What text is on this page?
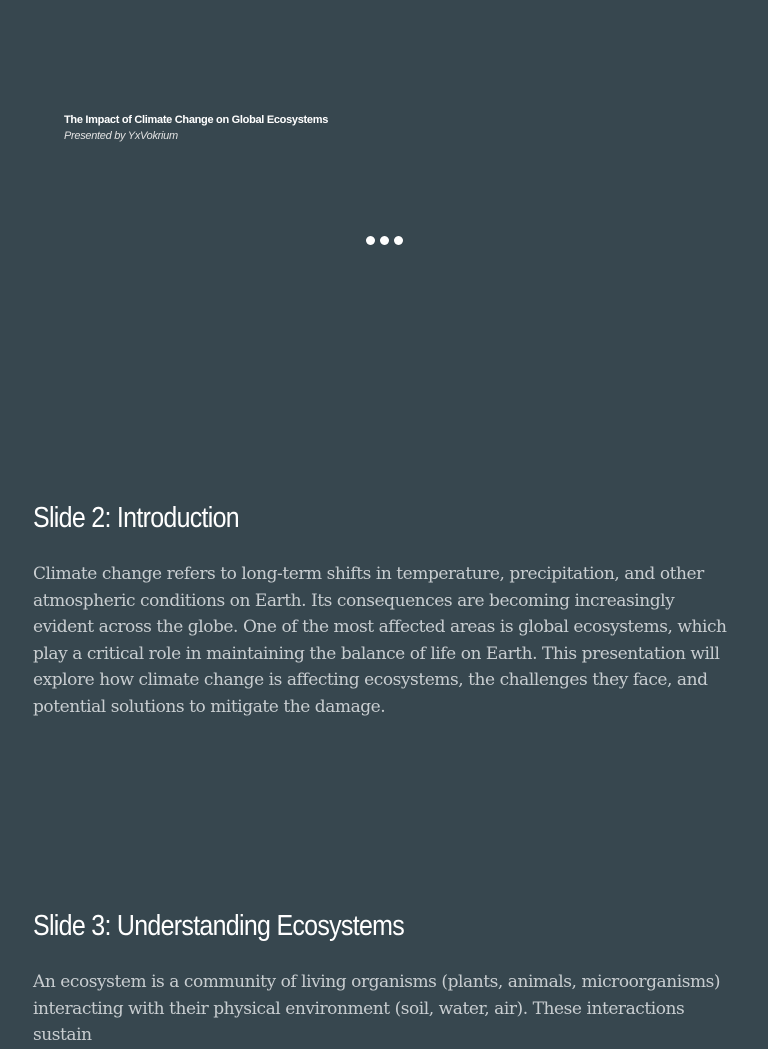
The Impact of Climate Change on Global Ecosystems

Presented by YxVokrium

Slide 2: Introduction

Climate change refers to long-term shifts in temperature, precipitation, and other atmospheric conditions on Earth. Its consequences are becoming increasingly evident across the globe. One of the most affected areas is global ecosystems, which play a critical role in maintaining the balance of life on Earth. This presentation will explore how climate change is affecting ecosystems, the challenges they face, and potential solutions to mitigate the damage.

Slide 3: Understanding Ecosystems

An ecosystem is a community of living organisms (plants, animals, microorganisms) interacting with their physical environment (soil, water, air). These interactions sustain
